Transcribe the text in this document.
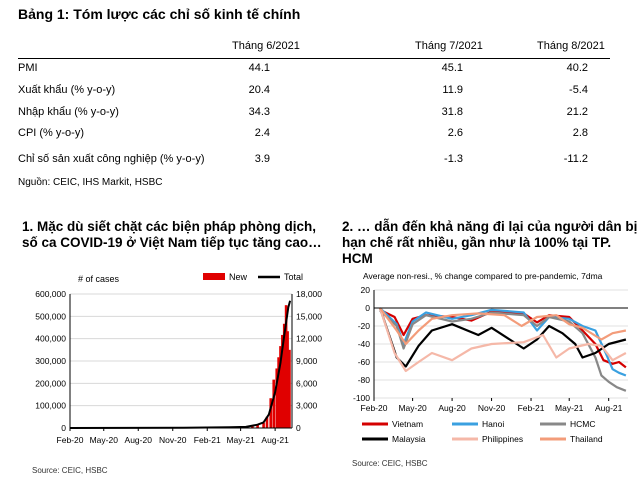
Bảng 1: Tóm lược các chỉ số kinh tế chính
Tháng 6/2021	Tháng 7/2021	Tháng 8/2021
PMI	44.1	45.1	40.2
Xuất khẩu (% y-o-y)	20.4	11.9	-5.4
Nhập khẩu (% y-o-y)	34.3	31.8	21.2
CPI (% y-o-y)	2.4	2.6	2.8
Chỉ số sản xuất công nghiệp (% y-o-y)	3.9	-1.3	-11.2
Nguồn: CEIC, IHS Markit, HSBC
1. Mặc dù siết chặt các biện pháp phòng dịch, số ca COVID-19 ở Việt Nam tiếp tục tăng cao…
0	0
100,000	3,000
200,000	6,000
300,000	9,000
400,000	12,000
500,000	15,000
600,000	18,000
Feb-20 May-20 Aug-20 Nov-20 Feb-21 May-21 Aug-21
# of cases	New	Total
Source: CEIC, HSBC
2. … dẫn đến khả năng đi lại của người dân bị hạn chế rất nhiều, gần như là 100% tại TP. HCM
Average non-resi., % change compared to pre-pandemic, 7dma
20
0
-20
-40
-60
-80
-100
Feb-20 May-20 Aug-20 Nov-20 Feb-21 May-21 Aug-21
Vietnam	Hanoi	HCMC
Malaysia	Philippines	Thailand
Source: CEIC, HSBC
